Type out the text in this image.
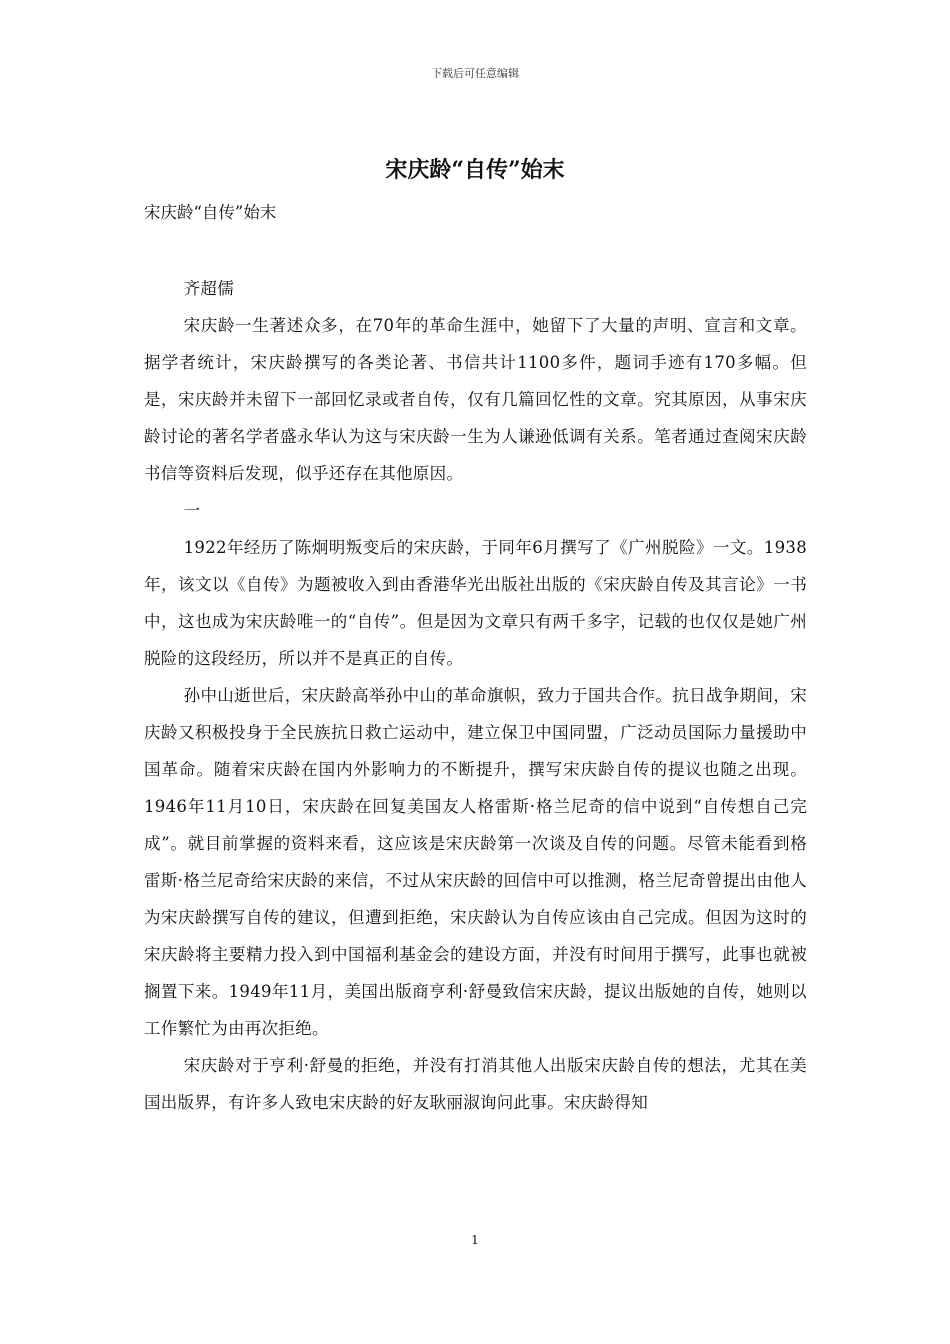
下载后可任意编辑
宋庆龄“自传”始末
宋庆龄“自传”始末

齐超儒

宋庆龄一生著述众多，在70年的革命生涯中，她留下了大量的声明、宣言和文章。据学者统计，宋庆龄撰写的各类论著、书信共计1100多件，题词手迹有170多幅。但是，宋庆龄并未留下一部回忆录或者自传，仅有几篇回忆性的文章。究其原因，从事宋庆龄讨论的著名学者盛永华认为这与宋庆龄一生为人谦逊低调有关系。笔者通过查阅宋庆龄书信等资料后发现，似乎还存在其他原因。

一

1922年经历了陈炯明叛变后的宋庆龄，于同年6月撰写了《广州脱险》一文。1938年，该文以《自传》为题被收入到由香港华光出版社出版的《宋庆龄自传及其言论》一书中，这也成为宋庆龄唯一的“自传”。但是因为文章只有两千多字，记载的也仅仅是她广州脱险的这段经历，所以并不是真正的自传。

孙中山逝世后，宋庆龄高举孙中山的革命旗帜，致力于国共合作。抗日战争期间，宋庆龄又积极投身于全民族抗日救亡运动中，建立保卫中国同盟，广泛动员国际力量援助中国革命。随着宋庆龄在国内外影响力的不断提升，撰写宋庆龄自传的提议也随之出现。1946年11月10日，宋庆龄在回复美国友人格雷斯·格兰尼奇的信中说到“自传想自己完成”。就目前掌握的资料来看，这应该是宋庆龄第一次谈及自传的问题。尽管未能看到格雷斯·格兰尼奇给宋庆龄的来信，不过从宋庆龄的回信中可以推测，格兰尼奇曾提出由他人为宋庆龄撰写自传的建议，但遭到拒绝，宋庆龄认为自传应该由自己完成。但因为这时的宋庆龄将主要精力投入到中国福利基金会的建设方面，并没有时间用于撰写，此事也就被搁置下来。1949年11月，美国出版商亨利·舒曼致信宋庆龄，提议出版她的自传，她则以工作繁忙为由再次拒绝。

宋庆龄对于亨利·舒曼的拒绝，并没有打消其他人出版宋庆龄自传的想法，尤其在美国出版界，有许多人致电宋庆龄的好友耿丽淑询问此事。宋庆龄得知

1
